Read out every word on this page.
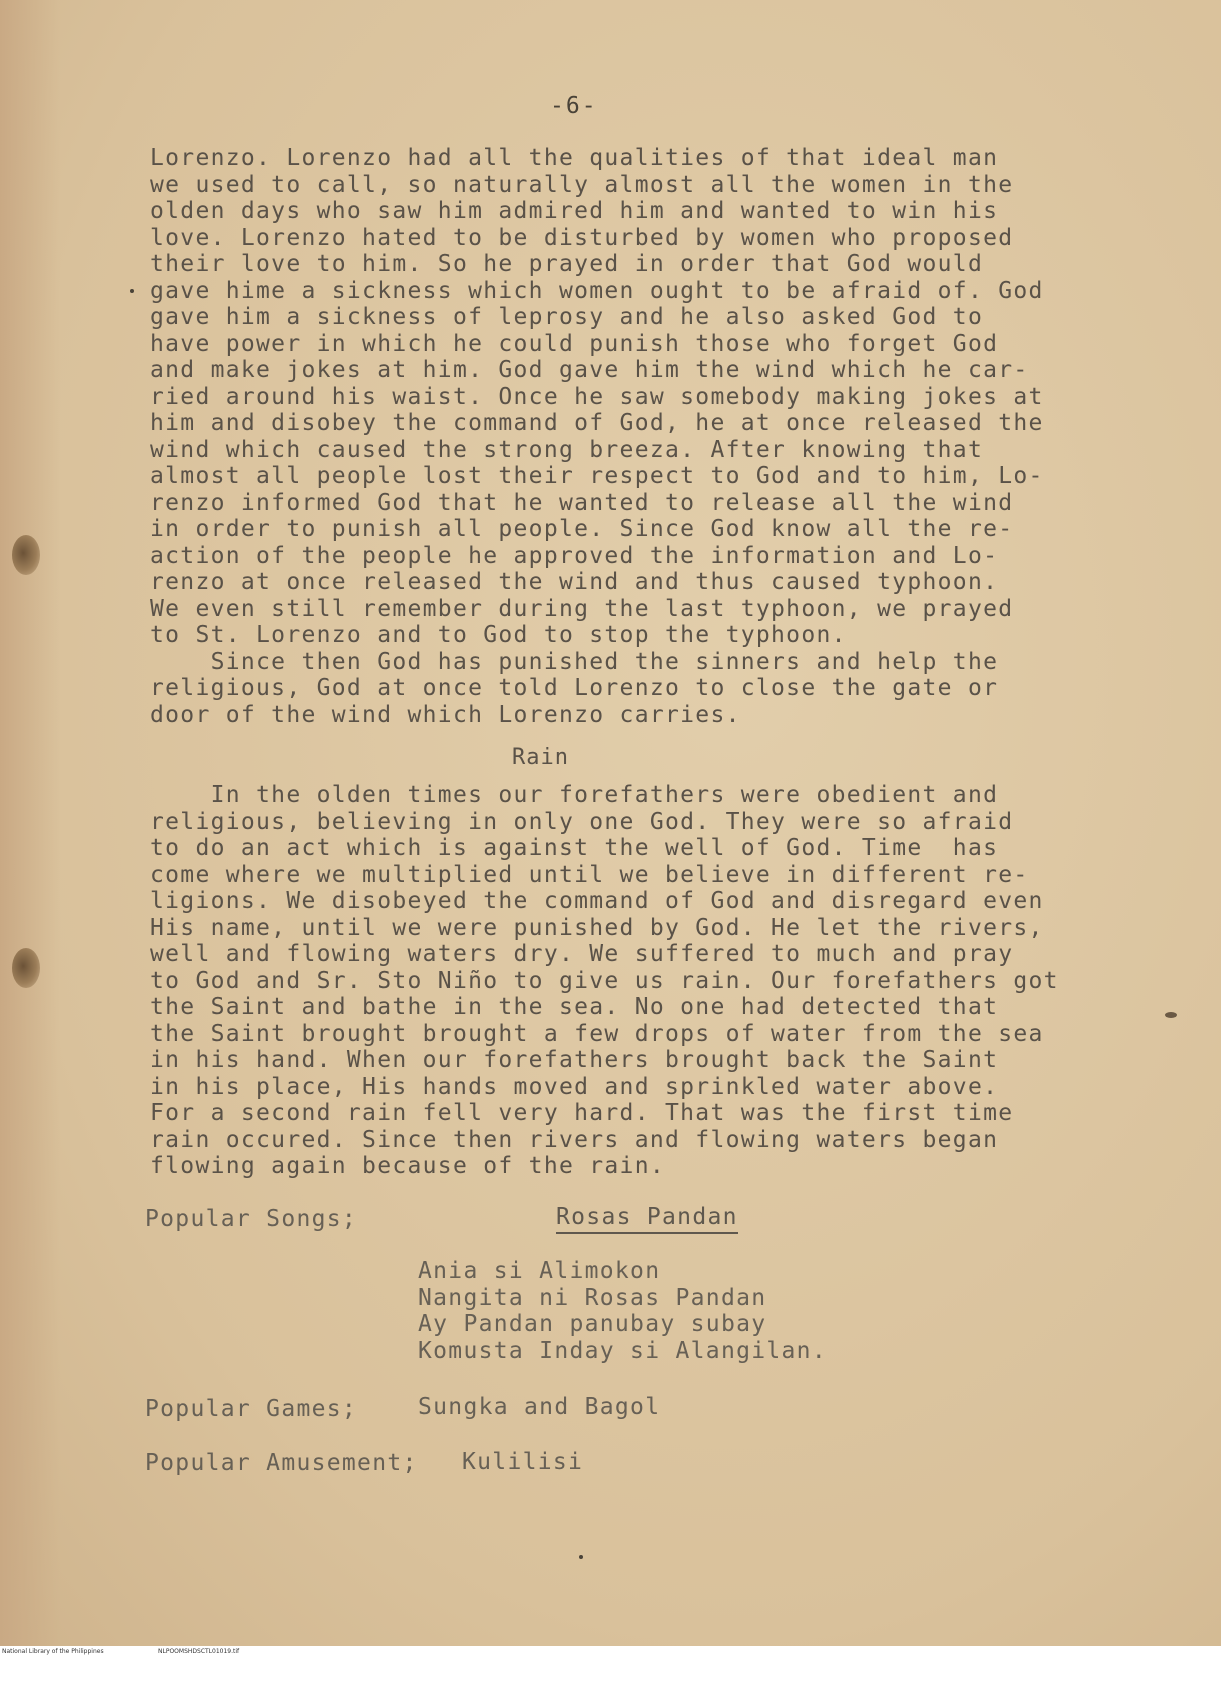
-6-
Lorenzo. Lorenzo had all the qualities of that ideal man
we used to call, so naturally almost all the women in the
olden days who saw him admired him and wanted to win his
love. Lorenzo hated to be disturbed by women who proposed
their love to him. So he prayed in order that God would
gave hime a sickness which women ought to be afraid of. God
gave him a sickness of leprosy and he also asked God to
have power in which he could punish those who forget God
and make jokes at him. God gave him the wind which he car-
ried around his waist. Once he saw somebody making jokes at
him and disobey the command of God, he at once released the
wind which caused the strong breeza. After knowing that
almost all people lost their respect to God and to him, Lo-
renzo informed God that he wanted to release all the wind
in order to punish all people. Since God know all the re-
action of the people he approved the information and Lo-
renzo at once released the wind and thus caused typhoon.
We even still remember during the last typhoon, we prayed
to St. Lorenzo and to God to stop the typhoon.
Since then God has punished the sinners and help the
religious, God at once told Lorenzo to close the gate or
door of the wind which Lorenzo carries.
Rain
In the olden times our forefathers were obedient and
religious, believing in only one God. They were so afraid
to do an act which is against the well of God. Time  has
come where we multiplied until we believe in different re-
ligions. We disobeyed the command of God and disregard even
His name, until we were punished by God. He let the rivers,
well and flowing waters dry. We suffered to much and pray
to God and Sr. Sto Niño to give us rain. Our forefathers got
the Saint and bathe in the sea. No one had detected that
the Saint brought brought a few drops of water from the sea
in his hand. When our forefathers brought back the Saint
in his place, His hands moved and sprinkled water above.
For a second rain fell very hard. That was the first time
rain occured. Since then rivers and flowing waters began
flowing again because of the rain.
Popular Songs;	Rosas Pandan
Ania si Alimokon
Nangita ni Rosas Pandan
Ay Pandan panubay subay
Komusta Inday si Alangilan.
Popular Games;	Sungka and Bagol
Popular Amusement; Kulilisi

National Library of the Philippines

	NLPOOMSHDSCTL01019.tif
